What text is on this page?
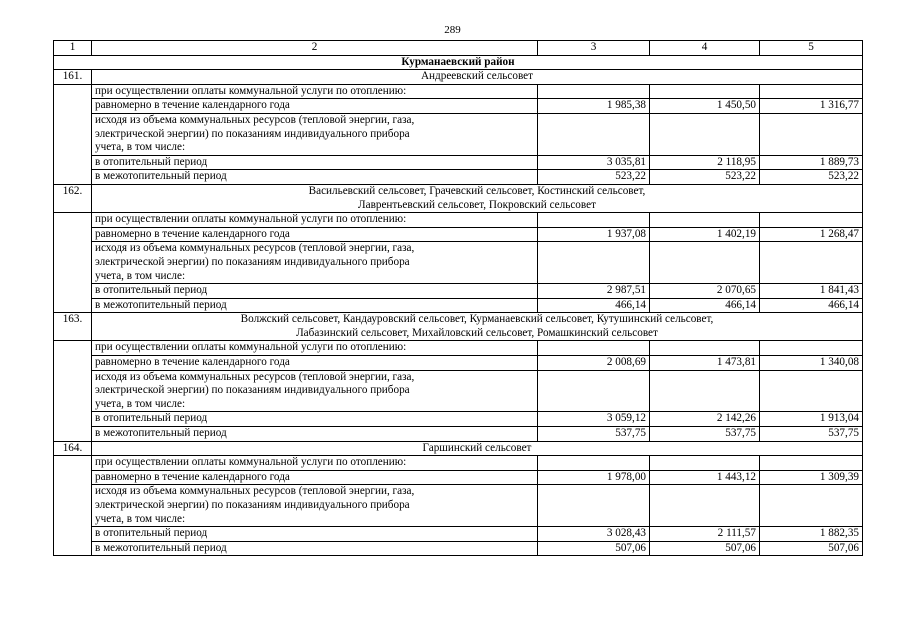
289
1	2	3	4	5
Курманаевский район				
161.	Андреевский сельсовет			
	при осуществлении оплаты коммунальной услуги по отоплению:			
	равномерно в течение календарного года	1 985,38	1 450,50	1 316,77

	исходя из объема коммунальных ресурсов (тепловой энергии, газа,
электрической энергии) по показаниям индивидуального прибора
учета, в том числе:			

	в отопительный период	3 035,81	2 118,95	1 889,73
	в межотопительный период	523,22	523,22	523,22
162.	Васильевский сельсовет, Грачевский сельсовет, Костинский сельсовет,
Лаврентьевский сельсовет, Покровский сельсовет			

	при осуществлении оплаты коммунальной услуги по отоплению:			
	равномерно в течение календарного года	1 937,08	1 402,19	1 268,47

	исходя из объема коммунальных ресурсов (тепловой энергии, газа,
электрической энергии) по показаниям индивидуального прибора
учета, в том числе:			

	в отопительный период	2 987,51	2 070,65	1 841,43
	в межотопительный период	466,14	466,14	466,14
163.	Волжский сельсовет, Кандауровский сельсовет, Курманаевский сельсовет, Кутушинский сельсовет,
Лабазинский сельсовет, Михайловский сельсовет, Ромашкинский сельсовет			

	при осуществлении оплаты коммунальной услуги по отоплению:			
	равномерно в течение календарного года	2 008,69	1 473,81	1 340,08

	исходя из объема коммунальных ресурсов (тепловой энергии, газа,
электрической энергии) по показаниям индивидуального прибора
учета, в том числе:			

	в отопительный период	3 059,12	2 142,26	1 913,04
	в межотопительный период	537,75	537,75	537,75
164.	Гаршинский сельсовет			
	при осуществлении оплаты коммунальной услуги по отоплению:			
	равномерно в течение календарного года	1 978,00	1 443,12	1 309,39

	исходя из объема коммунальных ресурсов (тепловой энергии, газа,
электрической энергии) по показаниям индивидуального прибора
учета, в том числе:			

	в отопительный период	3 028,43	2 111,57	1 882,35
	в межотопительный период	507,06	507,06	507,06
